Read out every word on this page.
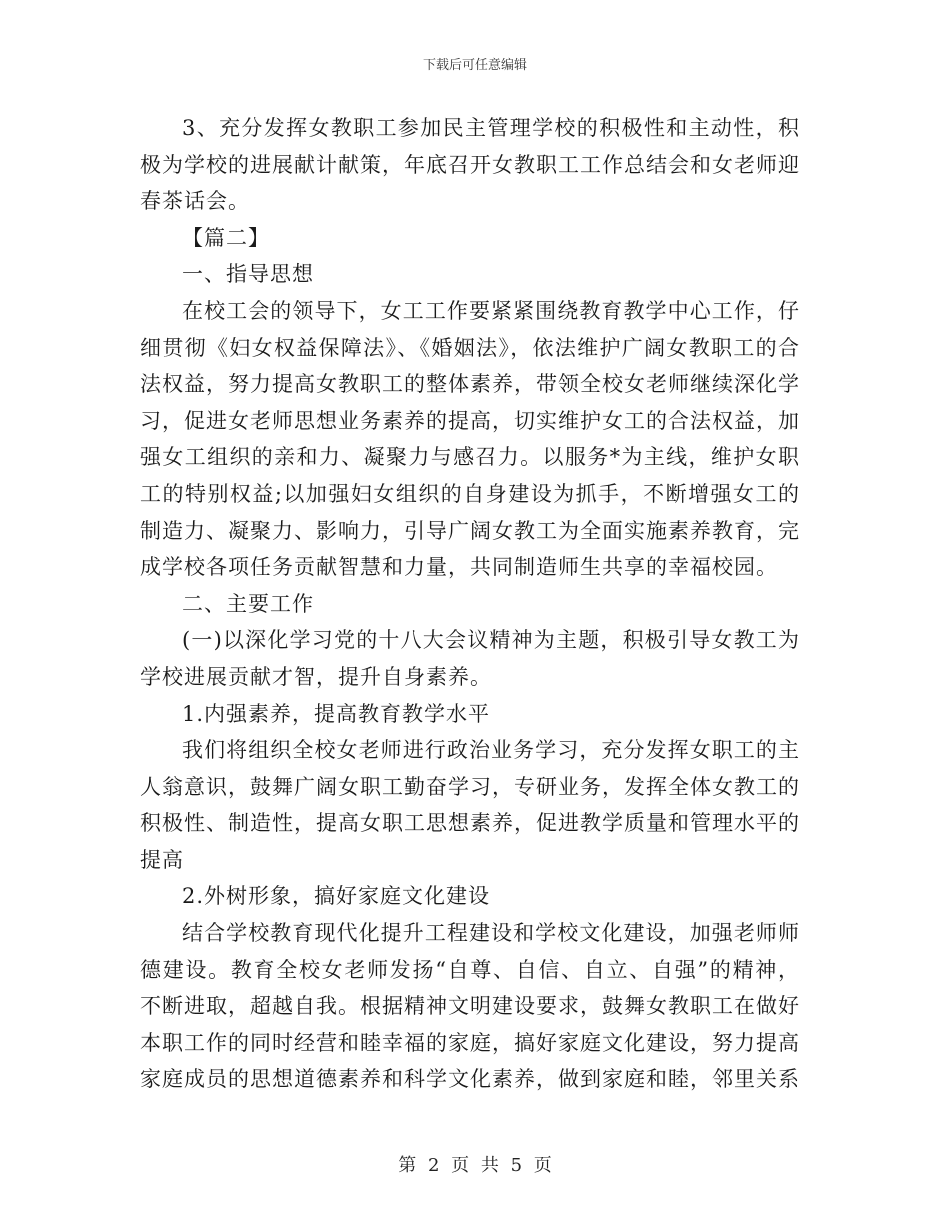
下载后可任意编辑

3、充分发挥女教职工参加民主管理学校的积极性和主动性，积极为学校的进展献计献策，年底召开女教职工工作总结会和女老师迎春茶话会。

【篇二】

一、指导思想

在校工会的领导下，女工工作要紧紧围绕教育教学中心工作，仔细贯彻《妇女权益保障法》、《婚姻法》，依法维护广阔女教职工的合法权益，努力提高女教职工的整体素养，带领全校女老师继续深化学习，促进女老师思想业务素养的提高，切实维护女工的合法权益，加强女工组织的亲和力、凝聚力与感召力。以服务*为主线，维护女职工的特别权益;以加强妇女组织的自身建设为抓手，不断增强女工的制造力、凝聚力、影响力，引导广阔女教工为全面实施素养教育，完成学校各项任务贡献智慧和力量，共同制造师生共享的幸福校园。

二、主要工作

(一)以深化学习党的十八大会议精神为主题，积极引导女教工为学校进展贡献才智，提升自身素养。

1.内强素养，提高教育教学水平

我们将组织全校女老师进行政治业务学习，充分发挥女职工的主人翁意识，鼓舞广阔女职工勤奋学习，专研业务，发挥全体女教工的积极性、制造性，提高女职工思想素养，促进教学质量和管理水平的提高

2.外树形象，搞好家庭文化建设

结合学校教育现代化提升工程建设和学校文化建设，加强老师师德建设。教育全校女老师发扬“自尊、自信、自立、自强”的精神，不断进取，超越自我。根据精神文明建设要求，鼓舞女教职工在做好本职工作的同时经营和睦幸福的家庭，搞好家庭文化建设，努力提高家庭成员的思想道德素养和科学文化素养，做到家庭和睦，邻里关系

第 2 页 共 5 页
